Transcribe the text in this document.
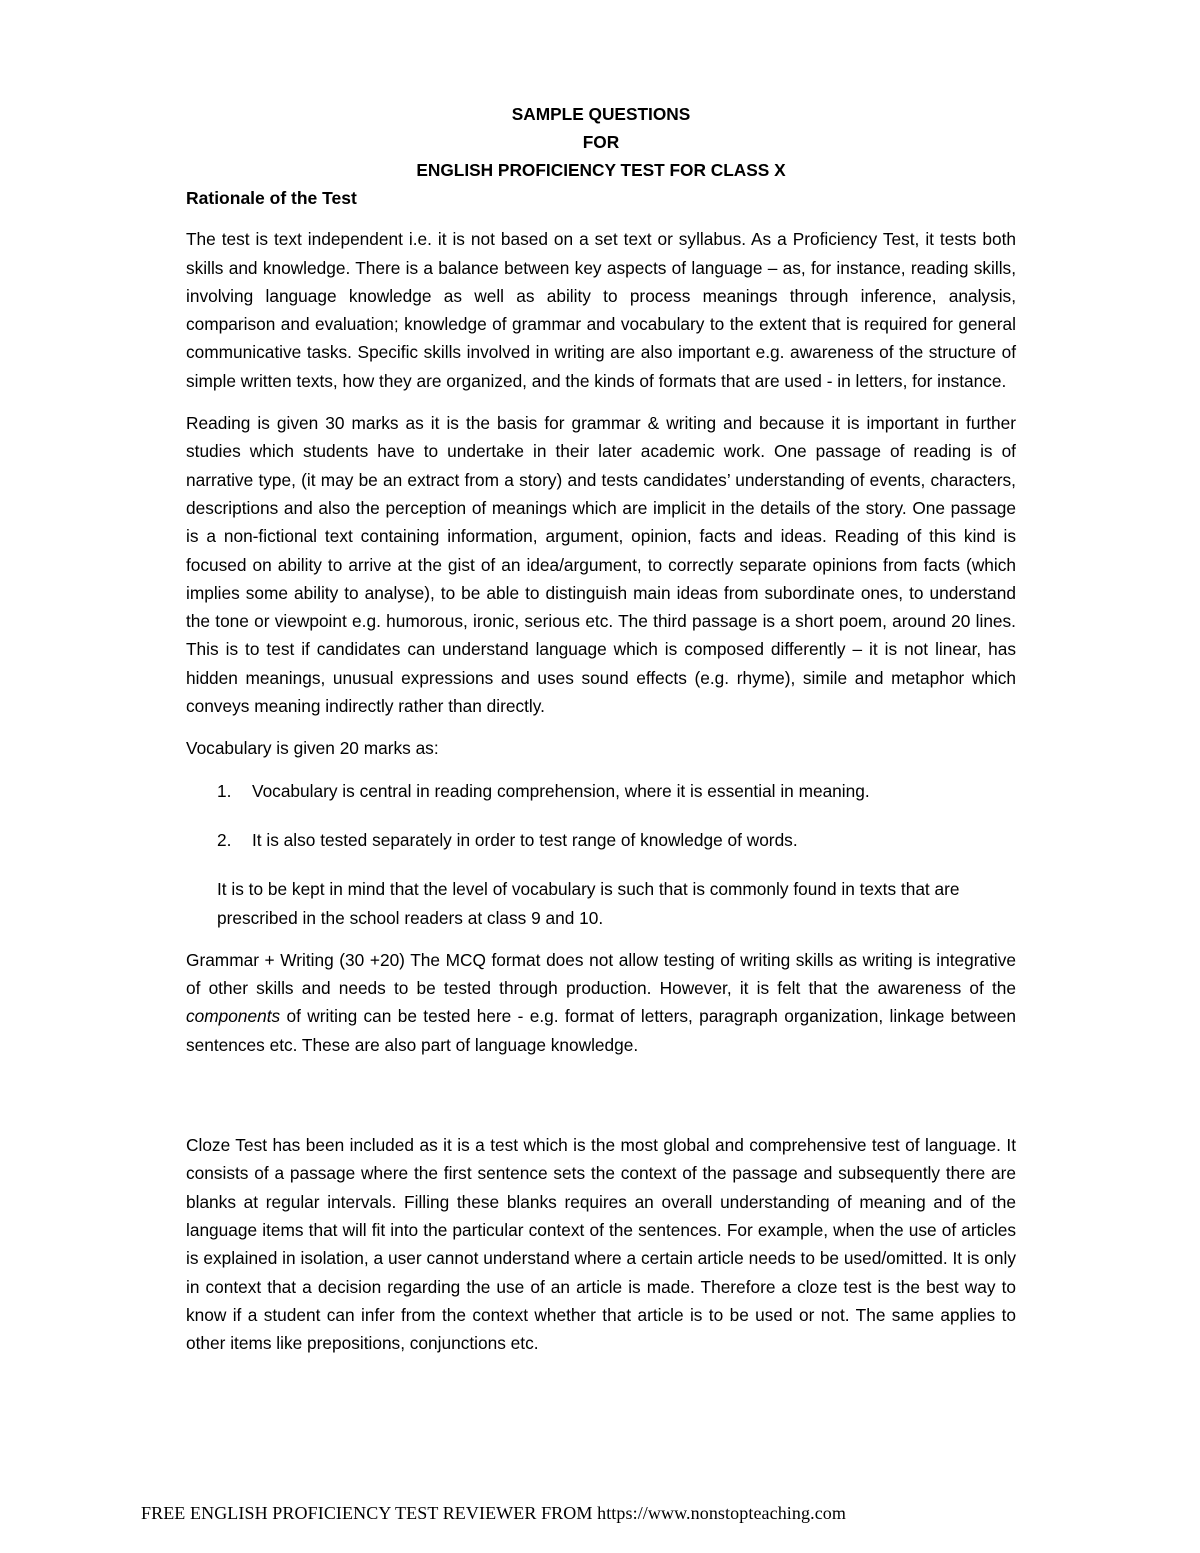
SAMPLE QUESTIONS

FOR

ENGLISH PROFICIENCY TEST FOR CLASS X

Rationale of the Test

The test is text independent i.e. it is not based on a set text or syllabus. As a Proficiency Test, it tests both skills and knowledge. There is a balance between key aspects of language – as, for instance, reading skills, involving language knowledge as well as ability to process meanings through inference, analysis, comparison and evaluation; knowledge of grammar and vocabulary to the extent that is required for general communicative tasks. Specific skills involved in writing are also important e.g. awareness of the structure of simple written texts, how they are organized, and the kinds of formats that are used - in letters, for instance.

Reading is given 30 marks as it is the basis for grammar & writing and because it is important in further studies which students have to undertake in their later academic work. One passage of reading is of narrative type, (it may be an extract from a story) and tests candidates’ understanding of events, characters, descriptions and also the perception of meanings which are implicit in the details of the story. One passage is a non-fictional text containing information, argument, opinion, facts and ideas. Reading of this kind is focused on ability to arrive at the gist of an idea/argument, to correctly separate opinions from facts (which implies some ability to analyse), to be able to distinguish main ideas from subordinate ones, to understand the tone or viewpoint e.g. humorous, ironic, serious etc. The third passage is a short poem, around 20 lines. This is to test if candidates can understand language which is composed differently – it is not linear, has hidden meanings, unusual expressions and uses sound effects (e.g. rhyme), simile and metaphor which conveys meaning indirectly rather than directly.

Vocabulary is given 20 marks as:

1. Vocabulary is central in reading comprehension, where it is essential in meaning.
2. It is also tested separately in order to test range of knowledge of words.

It is to be kept in mind that the level of vocabulary is such that is commonly found in texts that are prescribed in the school readers at class 9 and 10.

Grammar + Writing (30 +20) The MCQ format does not allow testing of writing skills as writing is integrative of other skills and needs to be tested through production. However, it is felt that the awareness of the components of writing can be tested here - e.g. format of letters, paragraph organization, linkage between sentences etc. These are also part of language knowledge.

Cloze Test has been included as it is a test which is the most global and comprehensive test of language. It consists of a passage where the first sentence sets the context of the passage and subsequently there are blanks at regular intervals. Filling these blanks requires an overall understanding of meaning and of the language items that will fit into the particular context of the sentences. For example, when the use of articles is explained in isolation, a user cannot understand where a certain article needs to be used/omitted. It is only in context that a decision regarding the use of an article is made. Therefore a cloze test is the best way to know if a student can infer from the context whether that article is to be used or not. The same applies to other items like prepositions, conjunctions etc.

FREE ENGLISH PROFICIENCY TEST REVIEWER FROM https://www.nonstopteaching.com
